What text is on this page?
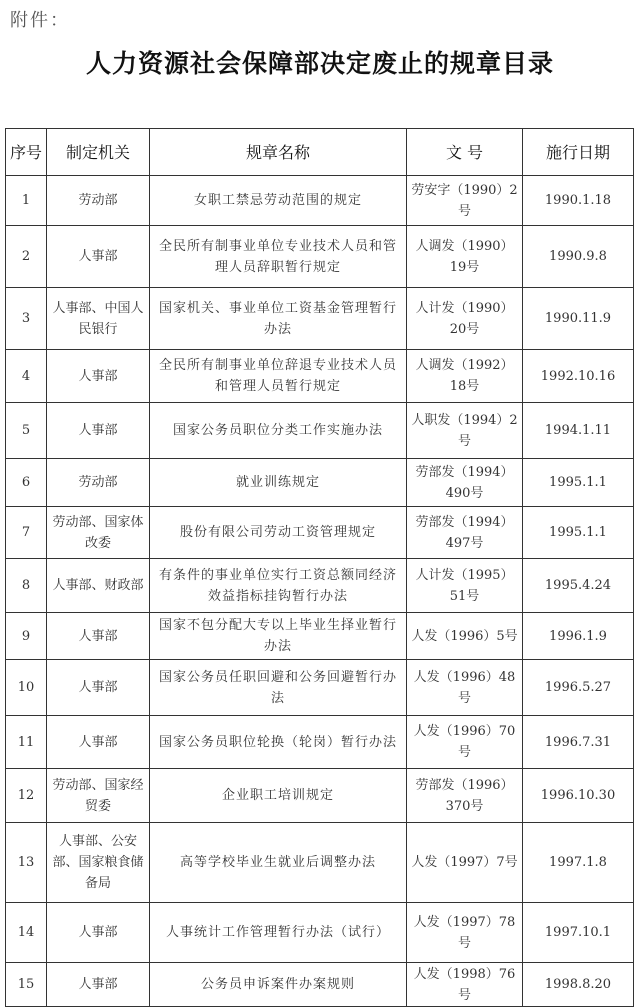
附件：
人力资源社会保障部决定废止的规章目录
序号	制定机关	规章名称	文 号	施行日期
1	劳动部	女职工禁忌劳动范围的规定	劳安字（1990）2号	1990.1.18
2	人事部	全民所有制事业单位专业技术人员和管理人员辞职暂行规定	人调发（1990）19号	1990.9.8
3	人事部、中国人民银行	国家机关、事业单位工资基金管理暂行办法	人计发（1990）20号	1990.11.9
4	人事部	全民所有制事业单位辞退专业技术人员和管理人员暂行规定	人调发（1992）18号	1992.10.16
5	人事部	国家公务员职位分类工作实施办法	人职发（1994）2号	1994.1.11
6	劳动部	就业训练规定	劳部发（1994）490号	1995.1.1
7	劳动部、国家体改委	股份有限公司劳动工资管理规定	劳部发（1994）497号	1995.1.1
8	人事部、财政部	有条件的事业单位实行工资总额同经济效益指标挂钩暂行办法	人计发（1995）51号	1995.4.24
9	人事部	国家不包分配大专以上毕业生择业暂行办法	人发（1996）5号	1996.1.9
10	人事部	国家公务员任职回避和公务回避暂行办法	人发（1996）48号	1996.5.27
11	人事部	国家公务员职位轮换（轮岗）暂行办法	人发（1996）70号	1996.7.31
12	劳动部、国家经贸委	企业职工培训规定	劳部发（1996）370号	1996.10.30
13	人事部、公安部、国家粮食储备局	高等学校毕业生就业后调整办法	人发（1997）7号	1997.1.8
14	人事部	人事统计工作管理暂行办法（试行）	人发（1997）78号	1997.10.1
15	人事部	公务员申诉案件办案规则	人发（1998）76号	1998.8.20
